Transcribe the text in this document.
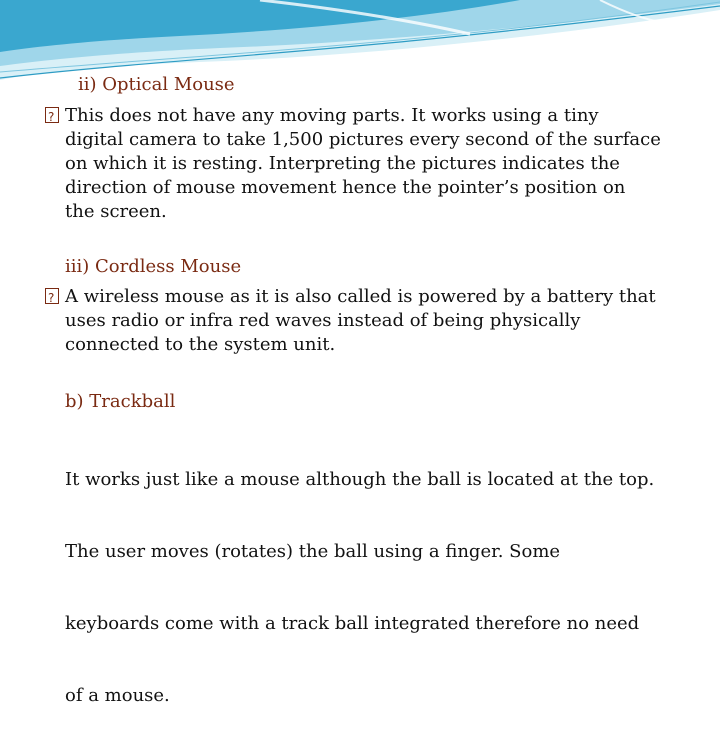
ii) Optical Mouse
?
This does not have any moving parts. It works using a tiny
digital camera to take 1,500 pictures every second of the surface
on which it is resting. Interpreting the pictures indicates the
direction of mouse movement hence the pointer’s position on
the screen.
iii) Cordless Mouse
?
A wireless mouse as it is also called is powered by a battery that
uses radio or infra red waves instead of being physically
connected to the system unit.
b) Trackball

It works just like a mouse although the ball is located at the top.

The user moves (rotates) the ball using a finger. Some

keyboards come with a track ball integrated therefore no need

of a mouse.
